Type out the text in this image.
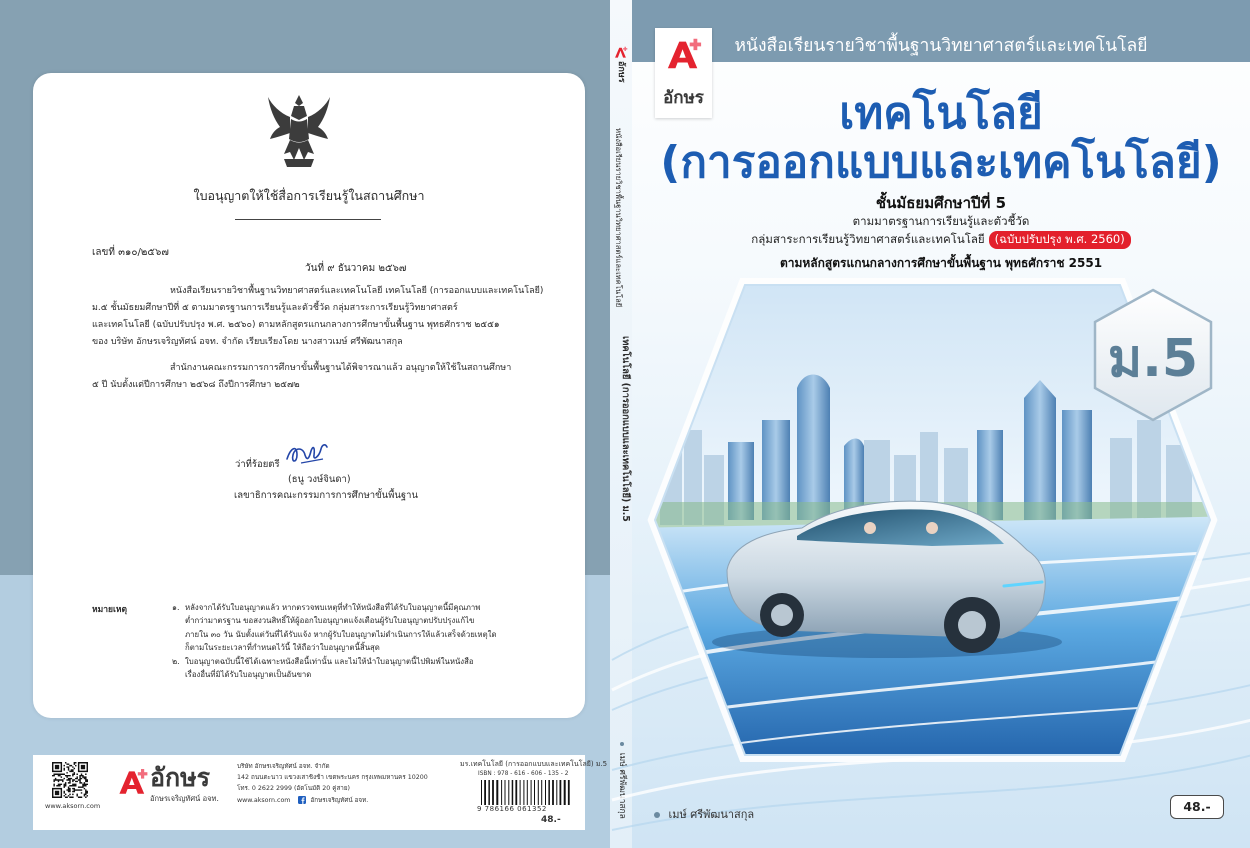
ใบอนุญาตให้ใช้สื่อการเรียนรู้ในสถานศึกษา
เลขที่ ๓๑๐/๒๕๖๗
วันที่ ๙ ธันวาคม ๒๕๖๗
หนังสือเรียนรายวิชาพื้นฐานวิทยาศาสตร์และเทคโนโลยี เทคโนโลยี (การออกแบบและเทคโนโลยี)
ม.๕ ชั้นมัธยมศึกษาปีที่ ๕ ตามมาตรฐานการเรียนรู้และตัวชี้วัด กลุ่มสาระการเรียนรู้วิทยาศาสตร์
และเทคโนโลยี (ฉบับปรับปรุง พ.ศ. ๒๕๖๐) ตามหลักสูตรแกนกลางการศึกษาขั้นพื้นฐาน พุทธศักราช ๒๕๕๑
ของ บริษัท อักษรเจริญทัศน์ อจท. จำกัด เรียบเรียงโดย นางสาวเมษ์ ศรีพัฒนาสกุล
สำนักงานคณะกรรมการการศึกษาขั้นพื้นฐานได้พิจารณาแล้ว อนุญาตให้ใช้ในสถานศึกษา
๕ ปี นับตั้งแต่ปีการศึกษา ๒๕๖๘ ถึงปีการศึกษา ๒๕๗๒
ว่าที่ร้อยตรี
(ธนู วงษ์จินดา)
เลขาธิการคณะกรรมการการศึกษาขั้นพื้นฐาน
หมายเหตุ	๑. หลังจากได้รับใบอนุญาตแล้ว หากตรวจพบเหตุที่ทำให้หนังสือที่ได้รับใบอนุญาตนี้มีคุณภาพ
ต่ำกว่ามาตรฐาน ขอสงวนสิทธิ์ให้ผู้ออกใบอนุญาตแจ้งเตือนผู้รับใบอนุญาตปรับปรุงแก้ไข
ภายใน ๓๐ วัน นับตั้งแต่วันที่ได้รับแจ้ง หากผู้รับใบอนุญาตไม่ดำเนินการให้แล้วเสร็จด้วยเหตุใด
ก็ตามในระยะเวลาที่กำหนดไว้นี้ ให้ถือว่าใบอนุญาตนี้สิ้นสุด
๒. ใบอนุญาตฉบับนี้ใช้ได้เฉพาะหนังสือนี้เท่านั้น และไม่ให้นำใบอนุญาตนี้ไปพิมพ์ในหนังสือ
เรื่องอื่นที่มิได้รับใบอนุญาตเป็นอันขาด
www.aksorn.com
อักษร
อักษรเจริญทัศน์ อจท.
บริษัท อักษรเจริญทัศน์ อจท. จำกัด
142 ถนนตะนาว แขวงเสาชิงช้า เขตพระนคร กรุงเทพมหานคร 10200
โทร. 0 2622 2999 (อัตโนมัติ 20 คู่สาย)
www.aksorn.com	อักษรเจริญทัศน์ อจท.
มร.เทคโนโลยี (การออกแบบและเทคโนโลยี) ม.5
ISBN : 978 - 616 - 606 - 135 - 2
9 786166 061352
48.-
อักษร
หนังสือเรียนรายวิชาพื้นฐานวิทยาศาสตร์และเทคโนโลยี
เทคโนโลยี (การออกแบบและเทคโนโลยี) ม.5
เมษ์ ศรีพัฒนาสกุล
หนังสือเรียนรายวิชาพื้นฐานวิทยาศาสตร์และเทคโนโลยี
อักษร	เทคโนโลยี
(การออกแบบและเทคโนโลยี)
ชั้นมัธยมศึกษาปีที่ 5
ตามมาตรฐานการเรียนรู้และตัวชี้วัด
กลุ่มสาระการเรียนรู้วิทยาศาสตร์และเทคโนโลยี (ฉบับปรับปรุง พ.ศ. 2560)
ตามหลักสูตรแกนกลางการศึกษาขั้นพื้นฐาน พุทธศักราช 2551
ม.5
เมษ์ ศรีพัฒนาสกุล
48.-
